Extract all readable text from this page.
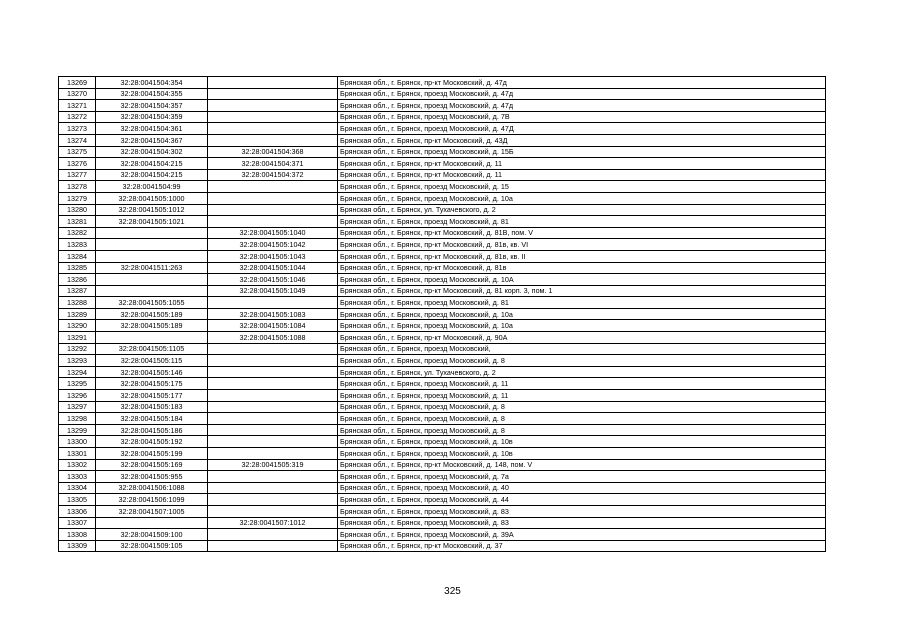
13269	32:28:0041504:354		Брянская обл., г. Брянск, пр-кт Московский, д. 47д
13270	32:28:0041504:355		Брянская обл., г. Брянск, проезд Московский, д. 47д
13271	32:28:0041504:357		Брянская обл., г. Брянск, проезд Московский, д. 47д
13272	32:28:0041504:359		Брянская обл., г. Брянск, проезд Московский, д. 7В
13273	32:28:0041504:361		Брянская обл., г. Брянск, проезд Московский, д. 47Д
13274	32:28:0041504:367		Брянская обл., г. Брянск, пр-кт Московский, д. 43Д
13275	32:28:0041504:302	32:28:0041504:368	Брянская обл., г. Брянск, проезд Московский, д. 15Б
13276	32:28:0041504:215	32:28:0041504:371	Брянская обл., г. Брянск, пр-кт Московский, д. 11
13277	32:28:0041504:215	32:28:0041504:372	Брянская обл., г. Брянск, пр-кт Московский, д. 11
13278	32:28:0041504:99		Брянская обл., г. Брянск, проезд Московский, д. 15
13279	32:28:0041505:1000		Брянская обл., г. Брянск, проезд Московский, д. 10а
13280	32:28:0041505:1012		Брянская обл., г. Брянск, ул. Тухачевского, д. 2
13281	32:28:0041505:1021		Брянская обл., г. Брянск, проезд Московский, д. 81
13282		32:28:0041505:1040	Брянская обл., г. Брянск, пр-кт Московский, д. 81В, пом. V
13283		32:28:0041505:1042	Брянская обл., г. Брянск, пр-кт Московский, д. 81в, кв. VI
13284		32:28:0041505:1043	Брянская обл., г. Брянск, пр-кт Московский, д. 81в, кв. II
13285	32:28:0041511:263	32:28:0041505:1044	Брянская обл., г. Брянск, пр-кт Московский, д. 81в
13286		32:28:0041505:1046	Брянская обл., г. Брянск, проезд Московский, д. 10А
13287		32:28:0041505:1049	Брянская обл., г. Брянск, пр-кт Московский, д. 81 корп. 3, пом. 1
13288	32:28:0041505:1055		Брянская обл., г. Брянск, проезд Московский, д. 81
13289	32:28:0041505:189	32:28:0041505:1083	Брянская обл., г. Брянск, проезд Московский, д. 10а
13290	32:28:0041505:189	32:28:0041505:1084	Брянская обл., г. Брянск, проезд Московский, д. 10а
13291		32:28:0041505:1088	Брянская обл., г. Брянск, пр-кт Московский, д. 90А
13292	32:28:0041505:1105		Брянская обл., г. Брянск, проезд Московский,
13293	32:28:0041505:115		Брянская обл., г. Брянск, проезд Московский, д. 8
13294	32:28:0041505:146		Брянская обл., г. Брянск, ул. Тухачевского, д. 2
13295	32:28:0041505:175		Брянская обл., г. Брянск, проезд Московский, д. 11
13296	32:28:0041505:177		Брянская обл., г. Брянск, проезд Московский, д. 11
13297	32:28:0041505:183		Брянская обл., г. Брянск, проезд Московский, д. 8
13298	32:28:0041505:184		Брянская обл., г. Брянск, проезд Московский, д. 8
13299	32:28:0041505:186		Брянская обл., г. Брянск, проезд Московский, д. 8
13300	32:28:0041505:192		Брянская обл., г. Брянск, проезд Московский, д. 10в
13301	32:28:0041505:199		Брянская обл., г. Брянск, проезд Московский, д. 10в
13302	32:28:0041505:169	32:28:0041505:319	Брянская обл., г. Брянск, пр-кт Московский, д. 148, пом. V
13303	32:28:0041505:955		Брянская обл., г. Брянск, проезд Московский, д. 7а
13304	32:28:0041506:1088		Брянская обл., г. Брянск, проезд Московский, д. 40
13305	32:28:0041506:1099		Брянская обл., г. Брянск, проезд Московский, д. 44
13306	32:28:0041507:1005		Брянская обл., г. Брянск, проезд Московский, д. 83
13307		32:28:0041507:1012	Брянская обл., г. Брянск, проезд Московский, д. 83
13308	32:28:0041509:100		Брянская обл., г. Брянск, проезд Московский, д. 39А
13309	32:28:0041509:105		Брянская обл., г. Брянск, пр-кт Московский, д. 37
325
